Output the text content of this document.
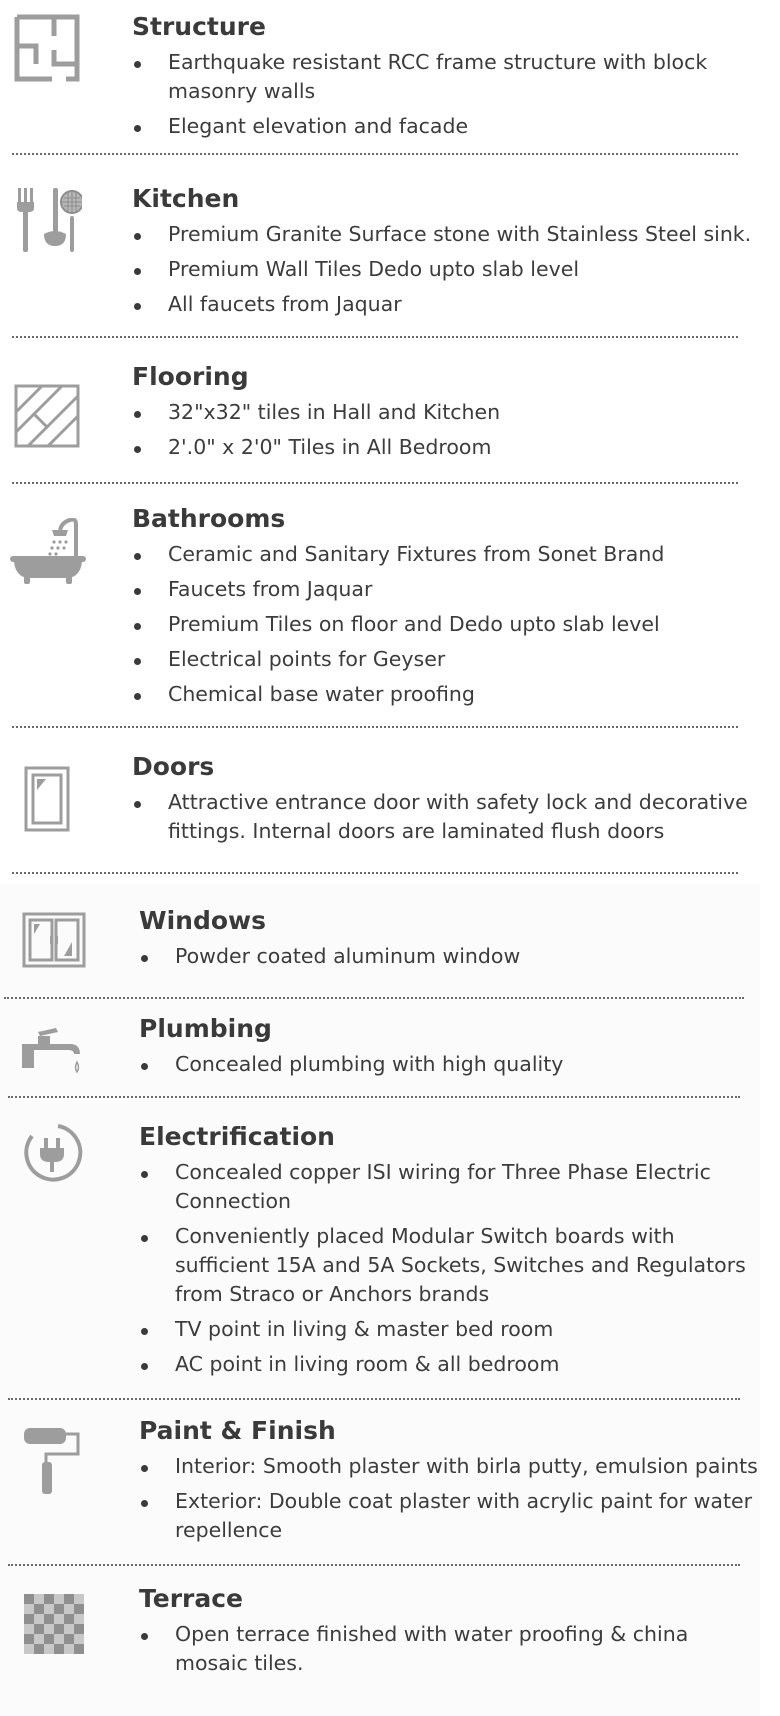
Structure
Earthquake resistant RCC frame structure with block masonry walls
Elegant elevation and facade
Kitchen
Premium Granite Surface stone with Stainless Steel sink.
Premium Wall Tiles Dedo upto slab level
All faucets from Jaquar
Flooring
32"x32" tiles in Hall and Kitchen
2'.0" x 2'0" Tiles in All Bedroom
Bathrooms
Ceramic and Sanitary Fixtures from Sonet Brand
Faucets from Jaquar
Premium Tiles on floor and Dedo upto slab level
Electrical points for Geyser
Chemical base water proofing
Doors
Attractive entrance door with safety lock and decorative fittings. Internal doors are laminated flush doors
Windows
Powder coated aluminum window
Plumbing
Concealed plumbing with high quality
Electrification
Concealed copper ISI wiring for Three Phase Electric Connection
Conveniently placed Modular Switch boards with sufficient 15A and 5A Sockets, Switches and Regulators from Straco or Anchors brands
TV point in living & master bed room
AC point in living room & all bedroom
Paint & Finish
Interior: Smooth plaster with birla putty, emulsion paints
Exterior: Double coat plaster with acrylic paint for water repellence
Terrace
Open terrace finished with water proofing & china mosaic tiles.
